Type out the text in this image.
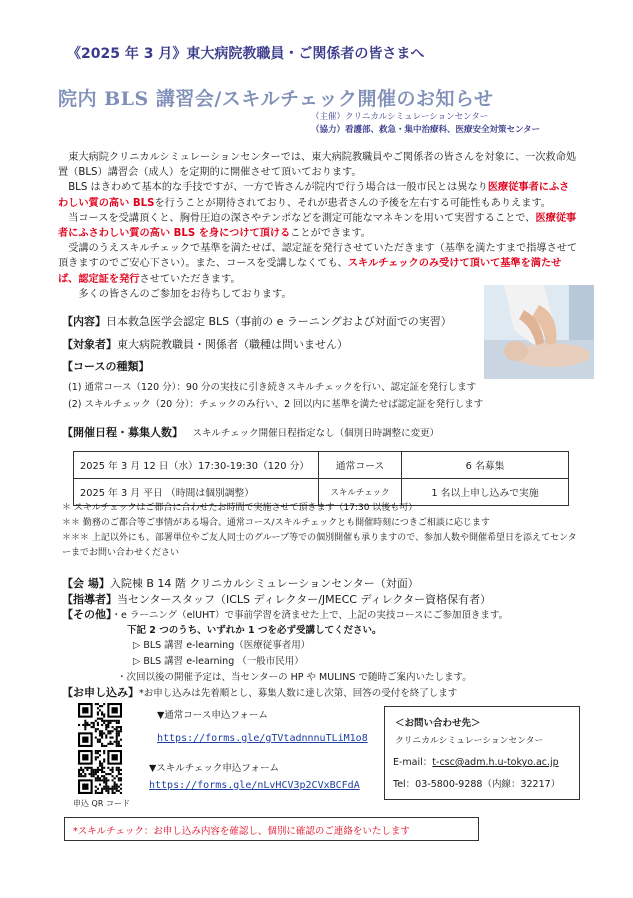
《2025 年 3 月》東大病院教職員・ご関係者の皆さまへ
院内 BLS 講習会/スキルチェック開催のお知らせ
（主催）クリニカルシミュレーションセンター
（協力）看護部、救急・集中治療科、医療安全対策センター

東大病院クリニカルシミュレーションセンターでは、東大病院教職員やご関係者の皆さんを対象に、一次救命処置（BLS）講習会（成人）を定期的に開催させて頂いております。

BLS はきわめて基本的な手技ですが、一方で皆さんが院内で行う場合は一般市民とは異なり医療従事者にふさわしい質の高い BLSを行うことが期待されており、それが患者さんの予後を左右する可能性もありえます。

当コースを受講頂くと、胸骨圧迫の深さやテンポなどを測定可能なマネキンを用いて実習することで、医療従事者にふさわしい質の高い BLS を身につけて頂けることができます。

受講のうえスキルチェックで基準を満たせば、認定証を発行させていただきます（基準を満たすまで指導させて頂きますのでご安心下さい）。また、コースを受講しなくても、スキルチェックのみ受けて頂いて基準を満たせば、認定証を発行させていただきます。

多くの皆さんのご参加をお待ちしております。

【内容】日本救急医学会認定 BLS（事前の e ラーニングおよび対面での実習）
【対象者】東大病院教職員・関係者（職種は問いません）
【コースの種類】
(1) 通常コース（120 分）：90 分の実技に引き続きスキルチェックを行い、認定証を発行します
(2) スキルチェック（20 分）：チェックのみ行い、2 回以内に基準を満たせば認定証を発行します
【開催日程・募集人数】 スキルチェック開催日程指定なし（個別日時調整に変更）
2025 年 3 月 12 日（水）17:30-19:30（120 分）	通常コース	6 名募集
2025 年 3 月 平日 （時間は個別調整）	スキルチェック	1 名以上申し込みで実施
＊ スキルチェックはご都合に合わせたお時間で実施させて頂きます（17:30 以後も可）
＊＊ 勤務のご都合等ご事情がある場合、通常コース/スキルチェックとも開催時刻につきご相談に応じます
＊＊＊ 上記以外にも、部署単位やご友人同士のグループ等での個別開催も承りますので、参加人数や開催希望日を添えてセンターまでお問い合わせください
【会 場】入院棟 B 14 階 クリニカルシミュレーションセンター（対面）
【指導者】当センタースタッフ（ICLS ディレクター/JMECC ディレクター資格保有者）
【その他】・e ラーニング（elUHT）で事前学習を済ませた上で、上記の実技コースにご参加頂きます。
下記 2 つのうち、いずれか 1 つを必ず受講してください。
▷ BLS 講習 e-learning（医療従事者用）
▷ BLS 講習 e-learning （一般市民用）
・次回以後の開催予定は、当センターの HP や MULINS で随時ご案内いたします。
【お申し込み】*お申し込みは先着順とし、募集人数に達し次第、回答の受付を終了します
申込 QR コード
▼通常コース申込フォーム
https://forms.gle/gTVtadnnnuTLiM1o8
▼スキルチェック申込フォーム
https://forms.gle/nLvHCV3p2CVxBCFdA
＜お問い合わせ先＞
クリニカルシミュレーションセンター
E-mail：t-csc@adm.h.u-tokyo.ac.jp
Tel：03-5800-9288（内線：32217）
*スキルチェック：お申し込み内容を確認し、個別に確認のご連絡をいたします
